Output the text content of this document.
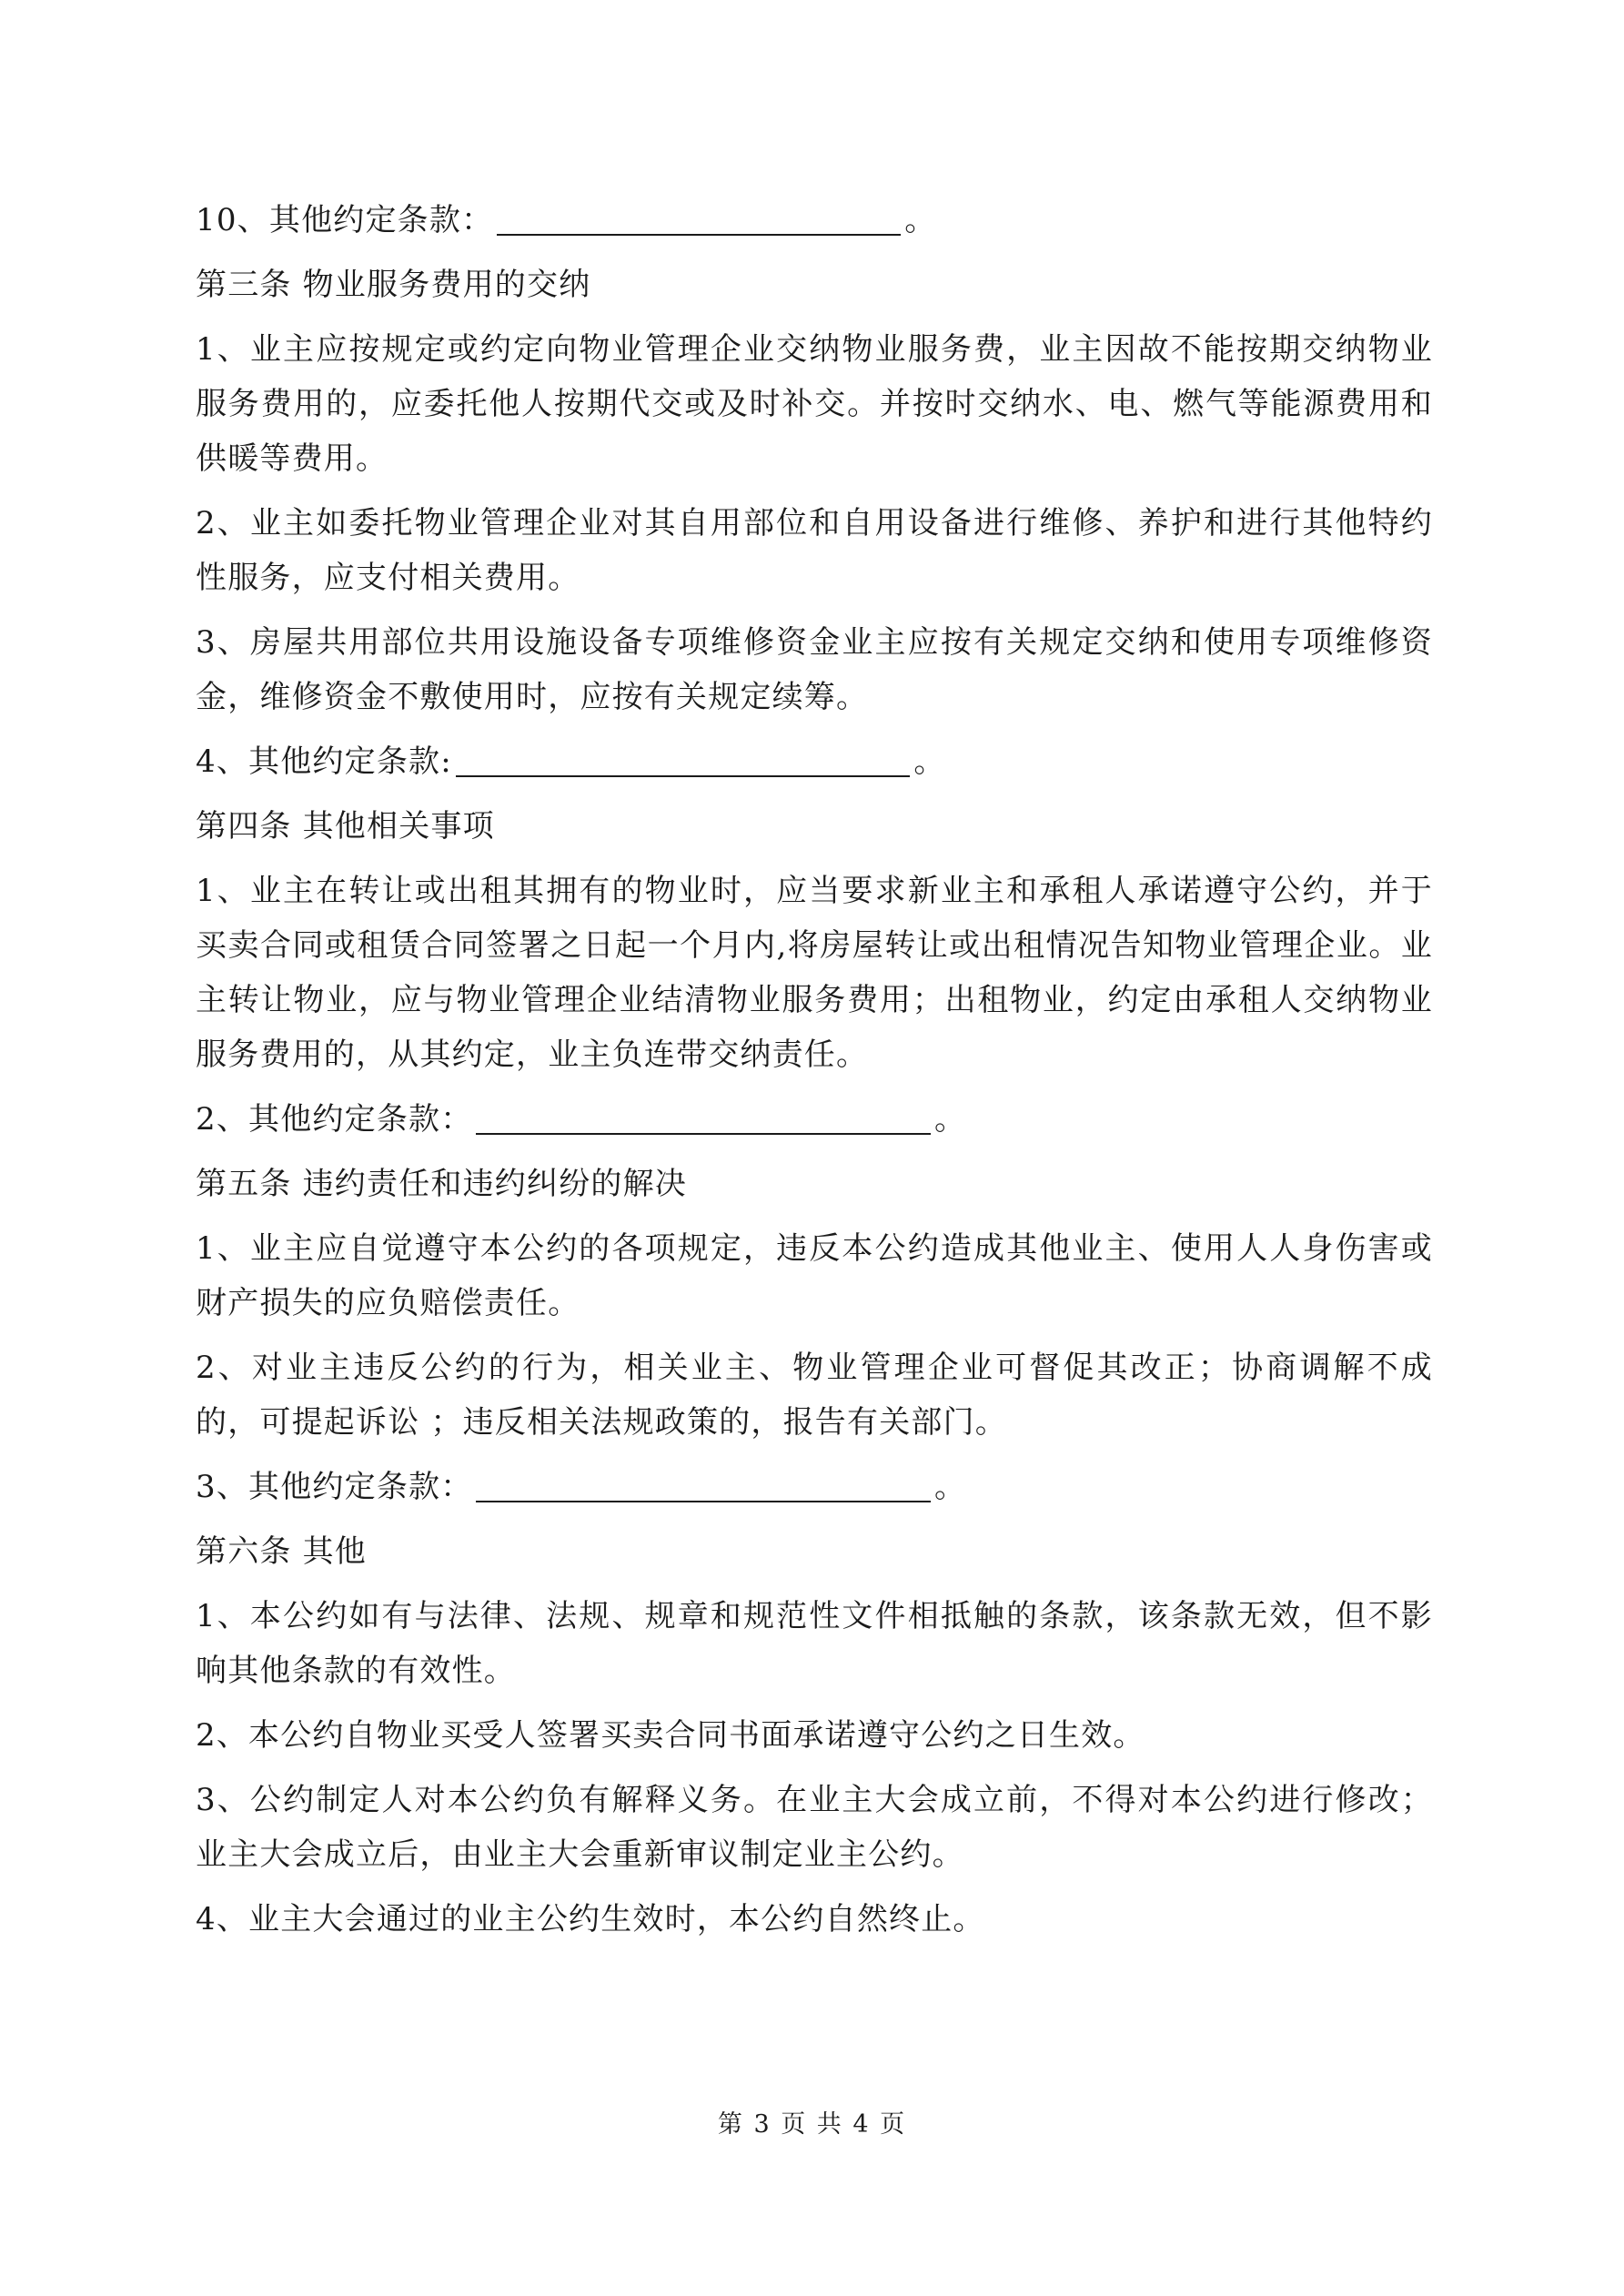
10、其他约定条款：	。

第三条 物业服务费用的交纳

1、业主应按规定或约定向物业管理企业交纳物业服务费，业主因故不能按期交纳物业服务费用的，应委托他人按期代交或及时补交。并按时交纳水、电、燃气等能源费用和供暖等费用。

2、业主如委托物业管理企业对其自用部位和自用设备进行维修、养护和进行其他特约性服务，应支付相关费用。

3、房屋共用部位共用设施设备专项维修资金业主应按有关规定交纳和使用专项维修资金，维修资金不敷使用时，应按有关规定续筹。

4、其他约定条款:	。

第四条 其他相关事项

1、业主在转让或出租其拥有的物业时，应当要求新业主和承租人承诺遵守公约，并于买卖合同或租赁合同签署之日起一个月内,将房屋转让或出租情况告知物业管理企业。业主转让物业，应与物业管理企业结清物业服务费用；出租物业，约定由承租人交纳物业服务费用的，从其约定，业主负连带交纳责任。

2、其他约定条款：	。

第五条 违约责任和违约纠纷的解决

1、业主应自觉遵守本公约的各项规定，违反本公约造成其他业主、使用人人身伤害或财产损失的应负赔偿责任。

2、对业主违反公约的行为，相关业主、物业管理企业可督促其改正；协商调解不成的，可提起诉讼 ；违反相关法规政策的，报告有关部门。

3、其他约定条款：	。

第六条 其他

1、本公约如有与法律、法规、规章和规范性文件相抵触的条款，该条款无效，但不影响其他条款的有效性。

2、本公约自物业买受人签署买卖合同书面承诺遵守公约之日生效。

3、公约制定人对本公约负有解释义务。在业主大会成立前，不得对本公约进行修改；业主大会成立后，由业主大会重新审议制定业主公约。

4、业主大会通过的业主公约生效时，本公约自然终止。

第 3 页 共 4 页
